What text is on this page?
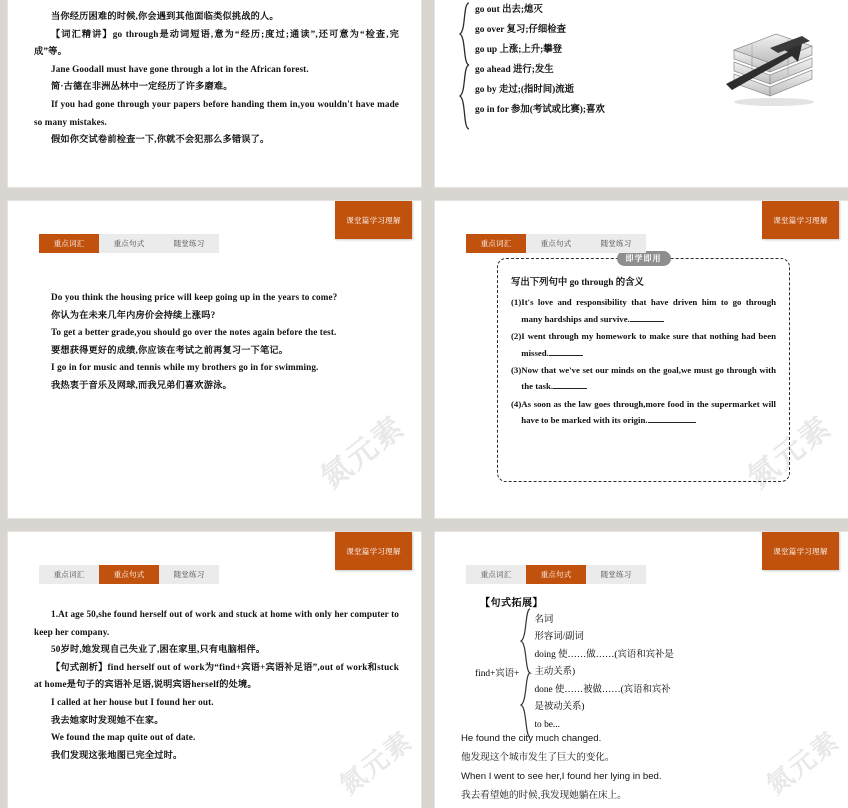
当你经历困难的时候,你会遇到其他面临类似挑战的人。
【词汇精讲】go through是动词短语,意为“经历;度过;通读”,还可意为“检查,完成”等。
Jane Goodall must have gone through a lot in the African forest.
简·古德在非洲丛林中一定经历了许多磨难。
If you had gone through your papers before handing them in,you wouldn't have made so many mistakes.
假如你交试卷前检查一下,你就不会犯那么多错误了。
go out 出去;熄灭
go over 复习;仔细检查
go up 上涨;上升;攀登
go ahead 进行;发生
go by 走过;(指时间)流逝
go in for 参加(考试或比赛);喜欢
课堂篇学习理解
重点词汇	重点句式	随堂练习
Do you think the housing price will keep going up in the years to come?
你认为在未来几年内房价会持续上涨吗?
To get a better grade,you should go over the notes again before the test.
要想获得更好的成绩,你应该在考试之前再复习一下笔记。
I go in for music and tennis while my brothers go in for swimming.
我热衷于音乐及网球,而我兄弟们喜欢游泳。
氮元素
课堂篇学习理解
重点词汇	重点句式	随堂练习
即学即用
写出下列句中 go through 的含义
(1) It's love and responsibility that have driven him to go through many hardships and survive.
(2) I went through my homework to make sure that nothing had been missed.
(3) Now that we've set our minds on the goal,we must go through with the task.
(4) As soon as the law goes through,more food in the supermarket will have to be marked with its origin.	氮元素
课堂篇学习理解
重点词汇	重点句式	随堂练习
1.At age 50,she found herself out of work and stuck at home with only her computer to keep her company.
50岁时,她发现自己失业了,困在家里,只有电脑相伴。
【句式剖析】find herself out of work为“find+宾语+宾语补足语”,out of work和stuck at home是句子的宾语补足语,说明宾语herself的处境。
I called at her house but I found her out.
我去她家时发现她不在家。
We found the map quite out of date.
我们发现这张地图已完全过时。	氮元素
课堂篇学习理解
重点词汇	重点句式	随堂练习
【句式拓展】
find+宾语+
名词
形容词/副词
doing 使……做……(宾语和宾补是
主动关系)
done 使……被做……(宾语和宾补
是被动关系)
to be...
He found the city much changed.
他发现这个城市发生了巨大的变化。
When I went to see her,I found her lying in bed.
我去看望她的时候,我发现她躺在床上。	氮元素
